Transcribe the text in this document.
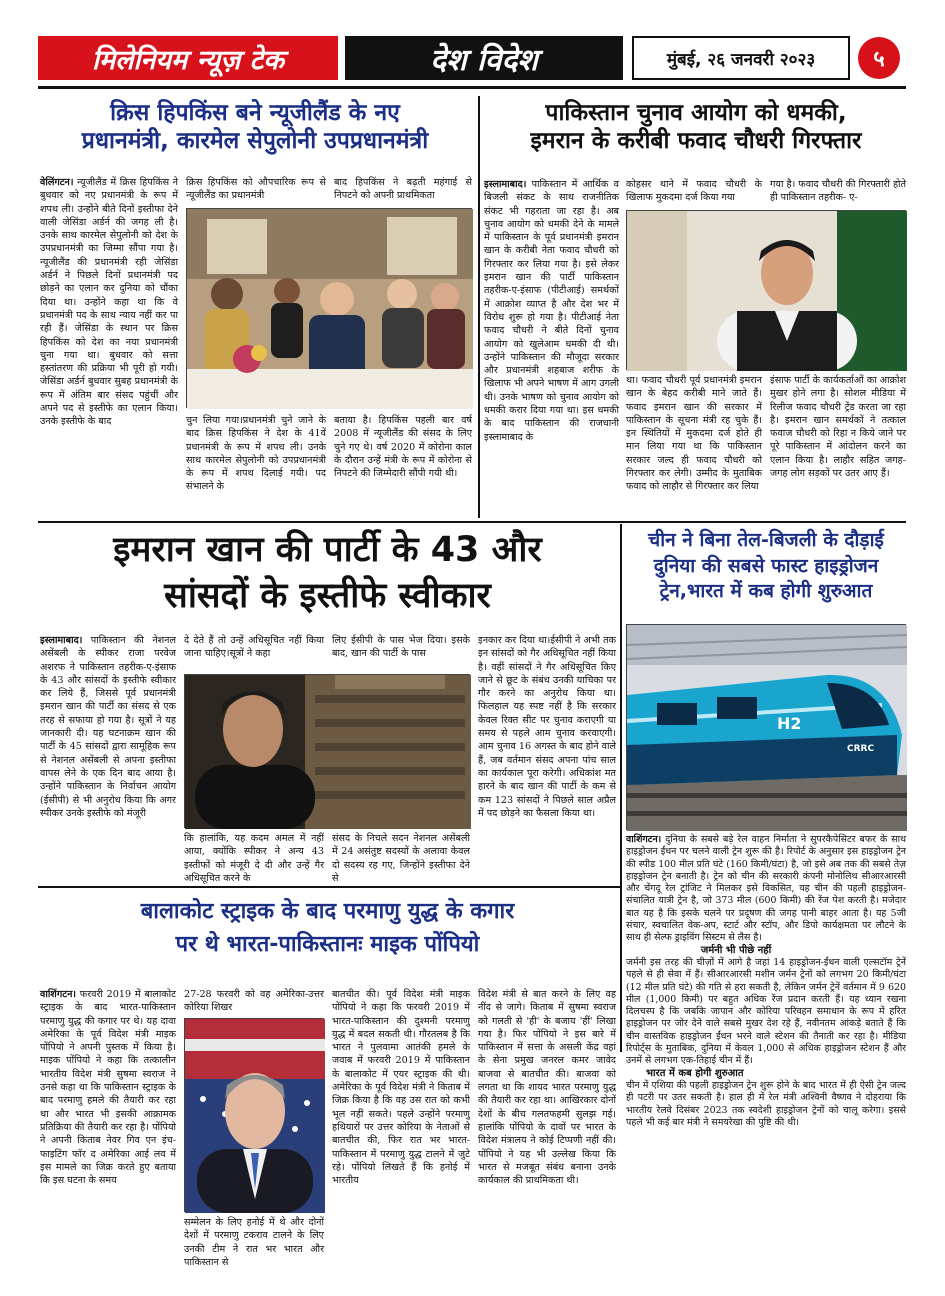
मिलेनियम न्यूज़ टेक	देश विदेश	मुंबई, २६ जनवरी २०२३	५
क्रिस हिपकिंस बने न्यूजीलैंड के नए
प्रधानमंत्री, कारमेल सेपुलोनी उपप्रधानमंत्री
वेलिंगटन। न्यूजीलैंड में क्रिस हिपकिंस ने बुधवार को नए प्रधानमंत्री के रूप में शपथ ली। उन्होंने बीते दिनों इस्तीफा देने वाली जेसिंडा अर्डर्न की जगह ली है। उनके साथ कारमेल सेपुलोनी को देश के उपप्रधानमंत्री का जिम्मा सौंपा गया है। न्यूजीलैंड की प्रधानमंत्री रही जेसिंडा अर्डर्न ने पिछले दिनों प्रधानमंत्री पद छोड़ने का एलान कर दुनिया को चौंका दिया था। उन्होंने कहा था कि वे प्रधानमंत्री पद के साथ न्याय नहीं कर पा रही हैं। जेसिंडा के स्थान पर क्रिस हिपकिंस को देश का नया प्रधानमंत्री चुना गया था। बुधवार को सत्ता हस्तांतरण की प्रक्रिया भी पूरी हो गयी। जेसिंडा अर्डर्न बुधवार सुबह प्रधानमंत्री के रूप में अंतिम बार संसद पहुंचीं और अपने पद से इस्तीफे का एलान किया। उनके इस्तीफे के बाद
क्रिस हिपकिंस को औपचारिक रूप से न्यूजीलैंड का प्रधानमंत्री
बाद हिपकिंस ने बढ़ती महंगाई से निपटने को अपनी प्राथमिकता
चुन लिया गया।प्रधानमंत्री चुने जाने के बाद क्रिस हिपकिंस ने देश के 41वें प्रधानमंत्री के रूप में शपथ ली। उनके साथ कारमेल सेपुलोनी को उपप्रधानमंत्री के रूप में शपथ दिलाई गयी। पद संभालने के
बताया है। हिपकिंस पहली बार वर्ष 2008 में न्यूजीलैंड की संसद के लिए चुने गए थे। वर्ष 2020 में कोरोना काल के दौरान उन्हें मंत्री के रूप में कोरोना से निपटने की जिम्मेदारी सौंपी गयी थी।
पाकिस्तान चुनाव आयोग को धमकी,
इमरान के करीबी फवाद चौधरी गिरफ्तार
इस्लामाबाद। पाकिस्तान में आर्थिक व बिजली संकट के साथ राजनीतिक संकट भी गहराता जा रहा है। अब चुनाव आयोग को धमकी देने के मामले में पाकिस्तान के पूर्व प्रधानमंत्री इमरान खान के करीबी नेता फवाद चौधरी को गिरफ्तार कर लिया गया है। इसे लेकर इमरान खान की पार्टी पाकिस्तान तहरीक-ए-इंसाफ (पीटीआई) समर्थकों में आक्रोश व्याप्त है और देश भर में विरोध शुरू हो गया है। पीटीआई नेता फवाद चौधरी ने बीते दिनों चुनाव आयोग को खुलेआम धमकी दी थी। उन्होंने पाकिस्तान की मौजूदा सरकार और प्रधानमंत्री शहबाज शरीफ के खिलाफ भी अपने भाषण में आग उगली थी। उनके भाषण को चुनाव आयोग को धमकी करार दिया गया था। इस धमकी के बाद पाकिस्तान की राजधानी इस्लामाबाद के
कोहसर थाने में फवाद चौधरी के खिलाफ मुकदमा दर्ज किया गया
गया है। फवाद चौधरी की गिरफ्तारी होते ही पाकिस्तान तहरीक- ए-
था। फवाद चौधरी पूर्व प्रधानमंत्री इमरान खान के बेहद करीबी माने जाते हैं। फवाद इमरान खान की सरकार में पाकिस्तान के सूचना मंत्री रह चुके हैं। इन स्थितियों में मुकदमा दर्ज होते ही मान लिया गया था कि पाकिस्तान सरकार जल्द ही फवाद चौधरी को गिरफ्तार कर लेगी। उम्मीद के मुताबिक फवाद को लाहौर से गिरफ्तार कर लिया
इंसाफ पार्टी के कार्यकर्ताओं का आक्रोश मुखर होने लगा है। सोशल मीडिया में रिलीज फवाद चौधरी ट्रेंड करता जा रहा है। इमरान खान समर्थकों ने तत्काल फवाज चौधरी को रिहा न किये जाने पर पूरे पाकिस्तान में आंदोलन करने का एलान किया है। लाहौर सहित जगह-जगह लोग सड़कों पर उतर आए हैं।
इमरान खान की पार्टी के 43 और
सांसदों के इस्तीफे स्वीकार
इस्लामाबाद। पाकिस्तान की नेशनल असेंबली के स्पीकर राजा परवेज अशरफ ने पाकिस्तान तहरीक-ए-इंसाफ के 43 और सांसदों के इस्तीफे स्वीकार कर लिये हैं, जिससे पूर्व प्रधानमंत्री इमरान खान की पार्टी का संसद से एक तरह से सफाया हो गया है। सूत्रों ने यह जानकारी दी। यह घटनाक्रम खान की पार्टी के 45 सांसदों द्वारा सामूहिक रूप से नेशनल असेंबली से अपना इस्तीफा वापस लेने के एक दिन बाद आया है। उन्होंने पाकिस्तान के निर्वाचन आयोग (ईसीपी) से भी अनुरोध किया कि अगर स्पीकर उनके इस्तीफे को मंजूरी
दे देते हैं तो उन्हें अधिसूचित नहीं किया जाना चाहिए।सूत्रों ने कहा
लिए ईसीपी के पास भेज दिया। इसके बाद, खान की पार्टी के पास
कि हालांकि, यह कदम अमल में नहीं आया, क्योंकि स्पीकर ने अन्य 43 इस्तीफों को मंजूरी दे दी और उन्हें गैर अधिसूचित करने के
संसद के निचले सदन नेशनल असेंबली में 24 असंतुष्ट सदस्यों के अलावा केवल दो सदस्य रह गए, जिन्होंने इस्तीफा देने से
इनकार कर दिया था।ईसीपी ने अभी तक इन सांसदों को गैर अधिसूचित नहीं किया है। वहीं सांसदों ने गैर अधिसूचित किए जाने से छूट के संबंध उनकी याचिका पर गौर करने का अनुरोध किया था। फिलहाल यह स्पष्ट नहीं है कि सरकार केवल रिक्त सीट पर चुनाव कराएगी या समय से पहले आम चुनाव करवाएगी। आम चुनाव 16 अगस्त के बाद होने वाले हैं, जब वर्तमान संसद अपना पांच साल का कार्यकाल पूरा करेगी। अधिकांश मत हारने के बाद खान की पार्टी के कम से कम 123 सांसदों ने पिछले साल अप्रैल में पद छोड़ने का फैसला किया था।
चीन ने बिना तेल-बिजली के दौड़ाई
दुनिया की सबसे फास्ट हाइड्रोजन
ट्रेन,भारत में कब होगी शुरुआत
H2
CRRC
वाशिंगटन। दुनिया के सबसे बड़े रेल वाहन निर्माता ने सुपरकैपेसिटर बफर के साथ हाइड्रोजन ईंधन पर चलने वाली ट्रेन शुरू की है। रिपोर्ट के अनुसार इस हाइड्रोजन ट्रेन की स्पीड 100 मील प्रति घंटे (160 किमी/घंटा) है, जो इसे अब तक की सबसे तेज़ हाइड्रोजन ट्रेन बनाती है। ट्रेन को चीन की सरकारी कंपनी मोनोलिथ सीआरआरसी और चेंगदू रेल ट्रांजिट ने मिलकर इसे विकसित, यह चीन की पहली हाइड्रोजन-संचालित यात्री ट्रेन है, जो 373 मील (600 किमी) की रेंज पेश करती है। मजेदार बात यह है कि इसके चलने पर प्रदूषण की जगह पानी बाहर आता है। यह 5जी संचार, स्वचालित वेक-अप, स्टार्ट और स्टॉप, और डिपो कार्यक्षमता पर लौटने के साथ ही सेल्फ ड्राइविंग सिस्टम से लैस है।
जर्मनी भी पीछे नहीं
जर्मनी इस तरह की चीज़ों में आगे है जहां 14 हाइड्रोजन-ईंधन वाली एल्सटॉम ट्रेनें पहले से ही सेवा में हैं। सीआरआरसी मशीन जर्मन ट्रेनों को लगभग 20 किमी/घंटा (12 मील प्रति घंटे) की गति से हरा सकती है, लेकिन जर्मन ट्रेनें वर्तमान में 9 620 मील (1,000 किमी) पर बहुत अधिक रेंज प्रदान करती हैं। यह ध्यान रखना दिलचस्प है कि जबकि जापान और कोरिया परिवहन समाधान के रूप में हरित हाइड्रोजन पर जोर देने वाले सबसे मुखर देश रहे हैं, नवीनतम आंकड़े बताते हैं कि चीन वास्तविक हाइड्रोजन ईंधन भरने वाले स्टेशन की तैनाती कर रहा है। मीडिया रिपोर्ट्स के मुताबिक, दुनिया में केवल 1,000 से अधिक हाइड्रोजन स्टेशन हैं और उनमें से लगभग एक-तिहाई चीन में हैं।
भारत में कब होगी शुरुआत
चीन में एशिया की पहली हाइड्रोजन ट्रेन शुरू होने के बाद भारत में ही ऐसी ट्रेन जल्द ही पटरी पर उतर सकती है। हाल ही में रेल मंत्री अश्विनी वैष्णव ने दोहराया कि भारतीय रेलवे दिसंबर 2023 तक स्वदेशी हाइड्रोजन ट्रेनों को चालू करेगा। इससे पहले भी कई बार मंत्री ने समयरेखा की पुष्टि की थी।
बालाकोट स्ट्राइक के बाद परमाणु युद्ध के कगार
पर थे भारत-पाकिस्तानः माइक पोंपियो
वाशिंगटन। फरवरी 2019 में बालाकोट स्ट्राइक के बाद भारत-पाकिस्तान परमाणु युद्ध की कगार पर थे। यह दावा अमेरिका के पूर्व विदेश मंत्री माइक पोंपियो ने अपनी पुस्तक में किया है।माइक पोंपियो ने कहा कि तत्कालीन भारतीय विदेश मंत्री सुषमा स्वराज ने उनसे कहा था कि पाकिस्तान स्ट्राइक के बाद परमाणु हमले की तैयारी कर रहा था और भारत भी इसकी आक्रामक प्रतिक्रिया की तैयारी कर रहा है। पोंपियो ने अपनी किताब नेवर गिव एन इंच- फाइटिंग फॉर द अमेरिका आई लव में इस मामले का जिक्र करते हुए बताया कि इस घटना के समय
27-28 फरवरी को वह अमेरिका-उत्तर कोरिया शिखर
सम्मेलन के लिए हनोई में थे और दोनों देशों में परमाणु टकराव टालने के लिए उनकी टीम ने रात भर भारत और पाकिस्तान से
बातचीत की। पूर्व विदेश मंत्री माइक पोंपियो ने कहा कि फरवरी 2019 में भारत-पाकिस्तान की दुश्मनी परमाणु युद्ध में बदल सकती थी। गौरतलब है कि भारत ने पुलवामा आतंकी हमले के जवाब में फरवरी 2019 में पाकिस्तान के बालाकोट में एयर स्ट्राइक की थी। अमेरिका के पूर्व विदेश मंत्री ने किताब में जिक्र किया है कि वह उस रात को कभी भूल नहीं सकते। पहले उन्होंने परमाणु हथियारों पर उत्तर कोरिया के नेताओं से बातचीत की, फिर रात भर भारत-पाकिस्तान में परमाणु युद्ध टालने में जुटे रहे। पोंपियो लिखते हैं कि हनोई में भारतीय
विदेश मंत्री से बात करने के लिए वह नींद से जागे। किताब में सुषमा स्वराज को गलती से 'ही' के बजाय 'हीं' लिखा गया है। फिर पोंपियो ने इस बारे में पाकिस्तान में सत्ता के असली केंद्र वहां के सेना प्रमुख जनरल कमर जावेद बाजवा से बातचीत की। बाजवा को लगता था कि शायद भारत परमाणु युद्ध की तैयारी कर रहा था। आखिरकार दोनों देशों के बीच गलतफहमी सुलझ गई।हालांकि पोंपियो के दावों पर भारत के विदेश मंत्रालय ने कोई टिप्पणी नहीं की। पोंपियो ने यह भी उल्लेख किया कि भारत से मजबूत संबंध बनाना उनके कार्यकाल की प्राथमिकता थी।
